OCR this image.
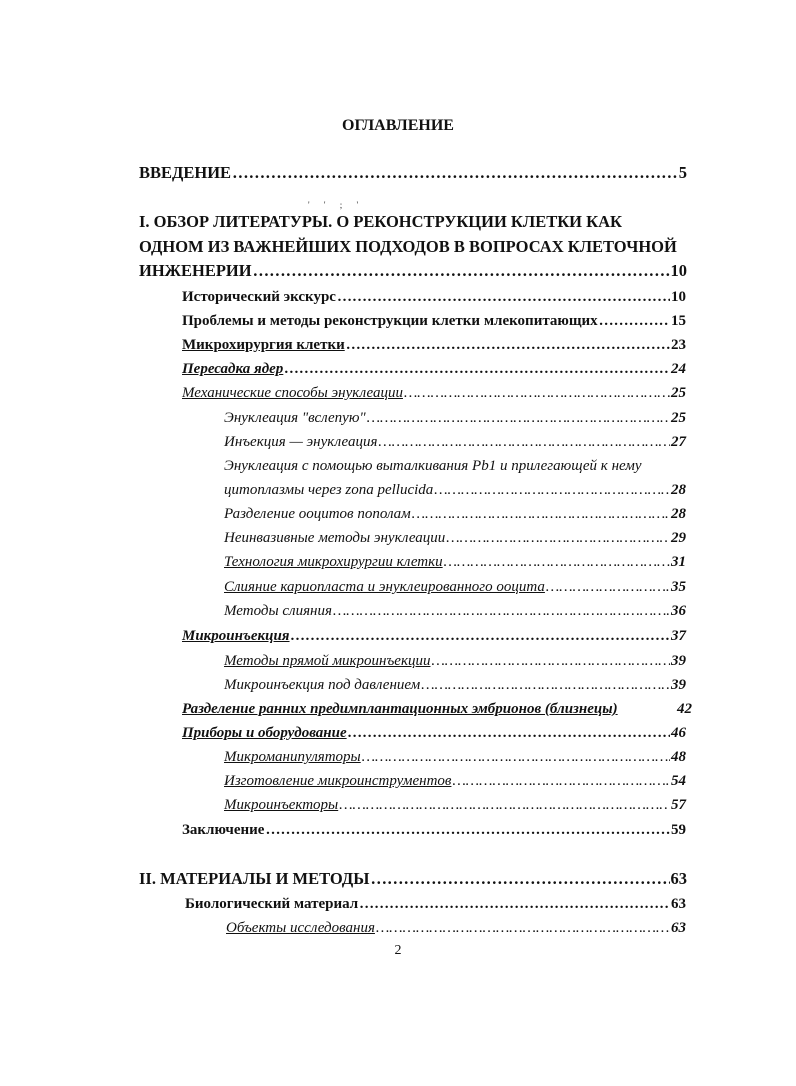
ОГЛАВЛЕНИЕ
ВВЕДЕНИЕ ……………………………………………………………………………………………………………………………………………………………………	5
' ' ; '
I. ОБЗОР ЛИТЕРАТУРЫ. О РЕКОНСТРУКЦИИ КЛЕТКИ КАК
ОДНОМ ИЗ ВАЖНЕЙШИХ ПОДХОДОВ В ВОПРОСАХ КЛЕТОЧНОЙ
ИНЖЕНЕРИИ ……………………………………………………………………………………………………………………………………………………………………	10
Исторический экскурс ……………………………………………………………………………………………………………………………………………………………………	10
Проблемы и методы реконструкции клетки млекопитающих ……………………………………………………………………………………………………………………………………………………………………	15
Микрохирургия клетки ……………………………………………………………………………………………………………………………………………………………………	23
Пересадка ядер ……………………………………………………………………………………………………………………………………………………………………	24
Механические способы энуклеации ……………………………………………………………………………………………………………………………………………………………………	25
Энуклеация "вслепую" ……………………………………………………………………………………………………………………………………………………………………	25
Инъекция — энуклеация ……………………………………………………………………………………………………………………………………………………………………	27
Энуклеация с помощью выталкивания Pb1 и прилегающей к нему
цитоплазмы через zona pellucida ……………………………………………………………………………………………………………………………………………………………………	28
Разделение ооцитов пополам ……………………………………………………………………………………………………………………………………………………………………	28
Неинвазивные методы энуклеации ……………………………………………………………………………………………………………………………………………………………………	29
Технология микрохирургии клетки ……………………………………………………………………………………………………………………………………………………………………	31
Слияние кариопласта и энуклеированного ооцита ……………………………………………………………………………………………………………………………………………………………………	35
Методы слияния ……………………………………………………………………………………………………………………………………………………………………	36
Микроинъекция ……………………………………………………………………………………………………………………………………………………………………	37
Методы прямой микроинъекции ……………………………………………………………………………………………………………………………………………………………………	39
Микроинъекция под давлением ……………………………………………………………………………………………………………………………………………………………………	39
Разделение ранних предимплантационных эмбрионов (близнецы)	42
Приборы и оборудование ……………………………………………………………………………………………………………………………………………………………………	46
Микроманипуляторы ……………………………………………………………………………………………………………………………………………………………………	48
Изготовление микроинструментов ……………………………………………………………………………………………………………………………………………………………………	54
Микроинъекторы ……………………………………………………………………………………………………………………………………………………………………	57
Заключение ……………………………………………………………………………………………………………………………………………………………………	59
II. МАТЕРИАЛЫ И МЕТОДЫ ……………………………………………………………………………………………………………………………………………………………………	63
Биологический материал ……………………………………………………………………………………………………………………………………………………………………	63
Объекты исследования ……………………………………………………………………………………………………………………………………………………………………	63
2
